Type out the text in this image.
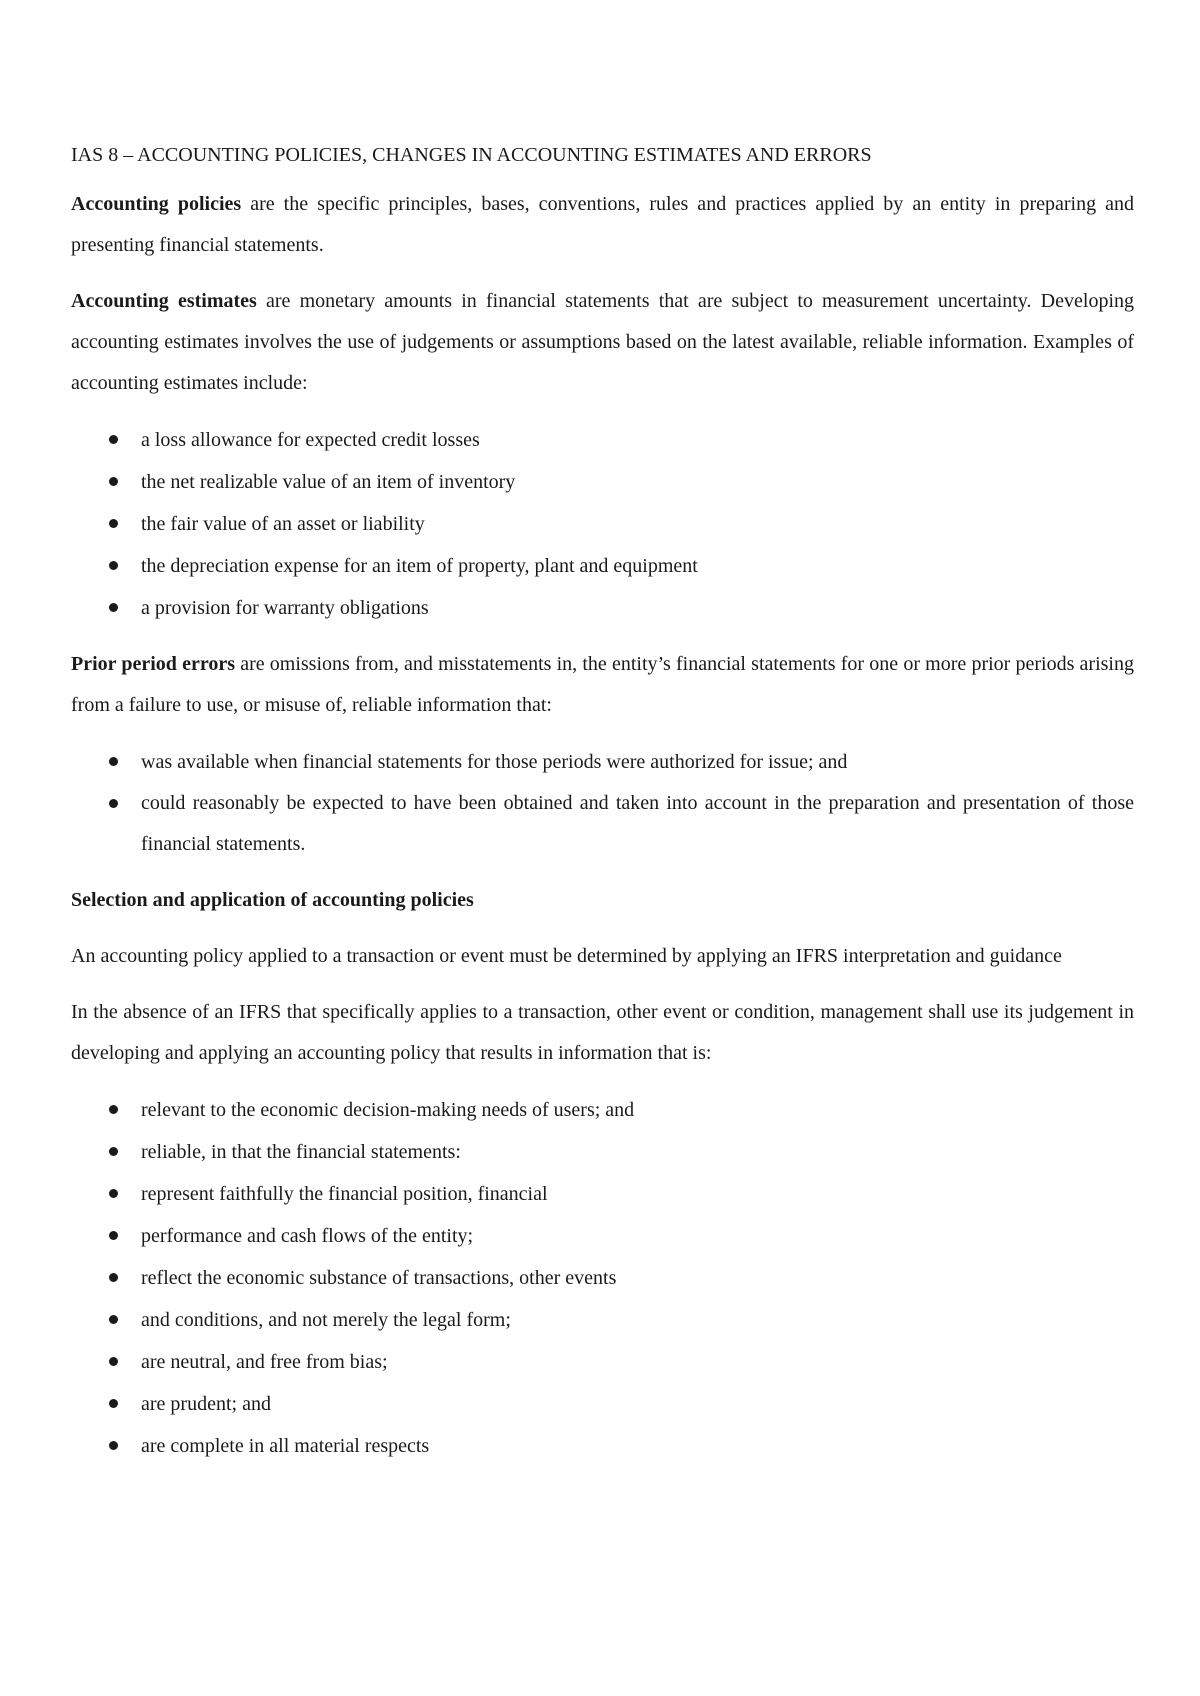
IAS 8 – ACCOUNTING POLICIES, CHANGES IN ACCOUNTING ESTIMATES AND ERRORS

Accounting policies are the specific principles, bases, conventions, rules and practices applied by an entity in preparing and presenting financial statements.

Accounting estimates are monetary amounts in financial statements that are subject to measurement uncertainty. Developing accounting estimates involves the use of judgements or assumptions based on the latest available, reliable information. Examples of accounting estimates include:

a loss allowance for expected credit losses
the net realizable value of an item of inventory
the fair value of an asset or liability
the depreciation expense for an item of property, plant and equipment
a provision for warranty obligations

Prior period errors are omissions from, and misstatements in, the entity’s financial statements for one or more prior periods arising from a failure to use, or misuse of, reliable information that:

was available when financial statements for those periods were authorized for issue; and
could reasonably be expected to have been obtained and taken into account in the preparation and presentation of those financial statements.
Selection and application of accounting policies

An accounting policy applied to a transaction or event must be determined by applying an IFRS interpretation and guidance

In the absence of an IFRS that specifically applies to a transaction, other event or condition, management shall use its judgement in developing and applying an accounting policy that results in information that is:

relevant to the economic decision-making needs of users; and
reliable, in that the financial statements:
represent faithfully the financial position, financial
performance and cash flows of the entity;
reflect the economic substance of transactions, other events
and conditions, and not merely the legal form;
are neutral, and free from bias;
are prudent; and
are complete in all material respects
